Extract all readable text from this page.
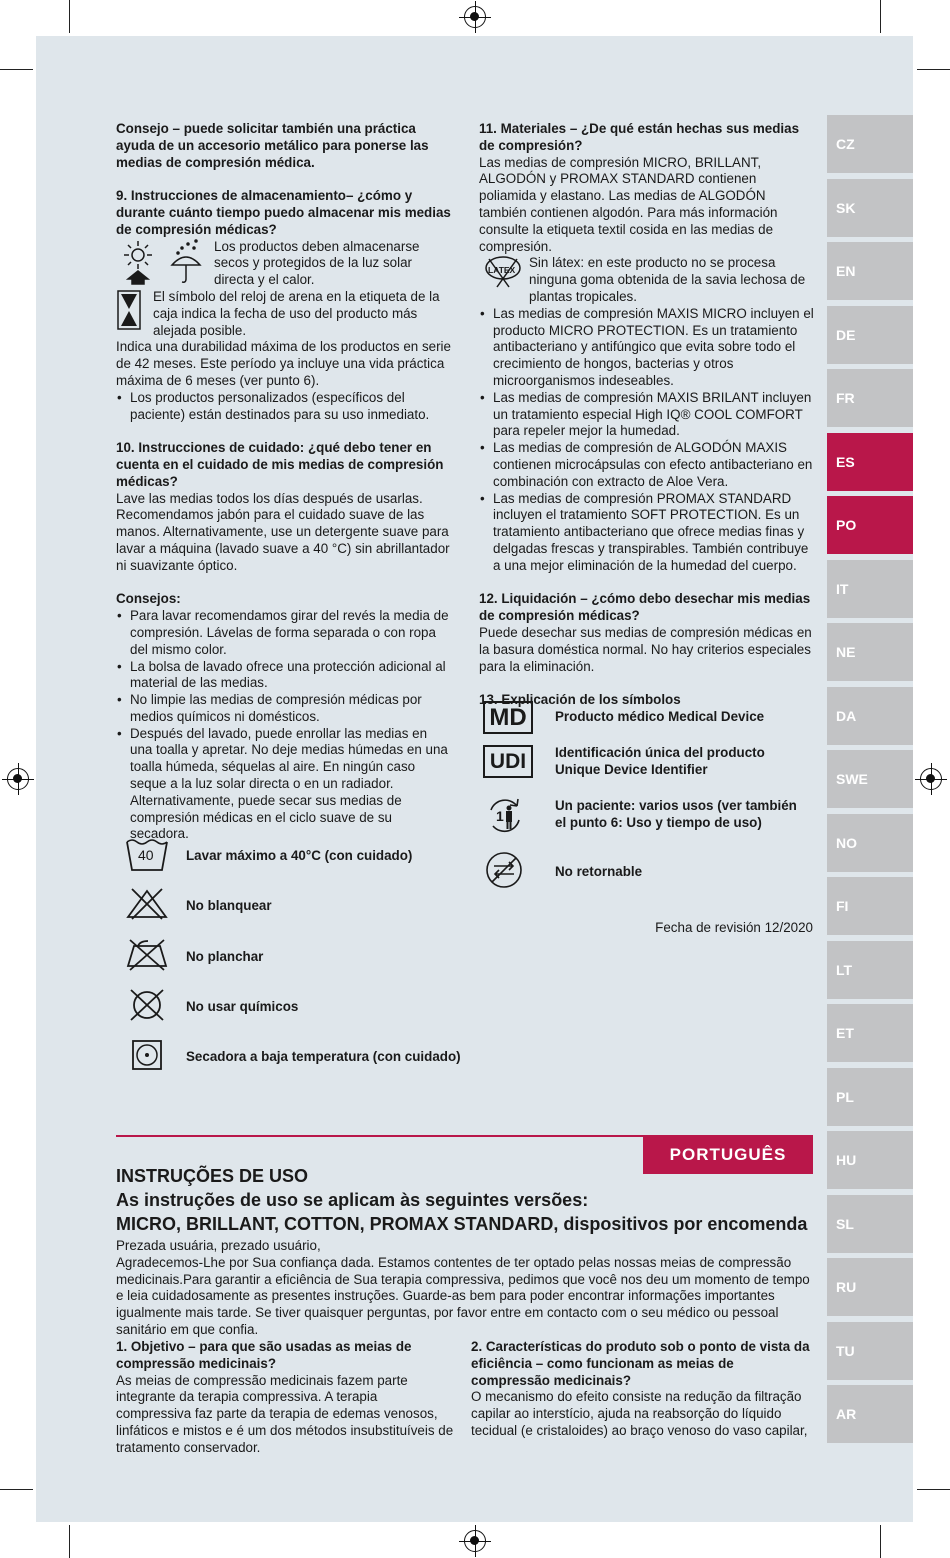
CZ
SK
EN
DE
FR
ES
PO
IT
NE
DA
SWE
NO
FI
LT
ET
PL
HU
SL
RU
TU
AR

Consejo – puede solicitar también una práctica ayuda de un accesorio metálico para ponerse las medias de compresión médica.

9. Instrucciones de almacenamiento– ¿cómo y durante cuánto tiempo puedo almacenar mis medias de compresión médicas?

Los productos deben almacenarse secos y protegidos de la luz solar directa y el calor.

El símbolo del reloj de arena en la etiqueta de la caja indica la fecha de uso del producto más alejada posible.

Indica una durabilidad máxima de los productos en serie de 42 meses. Este período ya incluye una vida práctica máxima de 6 meses (ver punto 6).

• Los productos personalizados (específicos del paciente) están destinados para su uso inmediato.

10. Instrucciones de cuidado: ¿qué debo tener en cuenta en el cuidado de mis medias de compresión médicas?

Lave las medias todos los días después de usarlas. Recomendamos jabón para el cuidado suave de las manos. Alternativamente, use un detergente suave para lavar a máquina (lavado suave a 40 °C) sin abrillantador ni suavizante óptico.

Consejos:

• Para lavar recomendamos girar del revés la media de compresión. Lávelas de forma separada o con ropa del mismo color.
• La bolsa de lavado ofrece una protección adicional al material de las medias.
• No limpie las medias de compresión médicas por medios químicos ni domésticos.
• Después del lavado, puede enrollar las medias en una toalla y apretar. No deje medias húmedas en una toalla húmeda, séquelas al aire. En ningún caso seque a la luz solar directa o en un radiador. Alternativamente, puede secar sus medias de compresión médicas en el ciclo suave de su secadora.
40 Lavar máximo a 40°C (con cuidado)
No blanquear
No planchar
No usar químicos
Secadora a baja temperatura (con cuidado)

11. Materiales – ¿De qué están hechas sus medias de compresión?

Las medias de compresión MICRO, BRILLANT, ALGODÓN y PROMAX STANDARD contienen poliamida y elastano. Las medias de ALGODÓN también contienen algodón. Para más información consulte la etiqueta textil cosida en las medias de compresión.

LATEX Sin látex: en este producto no se procesa ninguna goma obtenida de la savia lechosa de plantas tropicales.

• Las medias de compresión MAXIS MICRO incluyen el producto MICRO PROTECTION. Es un tratamiento antibacteriano y antifúngico que evita sobre todo el crecimiento de hongos, bacterias y otros microorganismos indeseables.
• Las medias de compresión MAXIS BRILANT incluyen un tratamiento especial High IQ® COOL COMFORT para repeler mejor la humedad.
• Las medias de compresión de ALGODÓN MAXIS contienen microcápsulas con efecto antibacteriano en combinación con extracto de Aloe Vera.
• Las medias de compresión PROMAX STANDARD incluyen el tratamiento SOFT PROTECTION. Es un tratamiento antibacteriano que ofrece medias finas y delgadas frescas y transpirables. También contribuye a una mejor eliminación de la humedad del cuerpo.

12. Liquidación – ¿cómo debo desechar mis medias de compresión médicas?

Puede desechar sus medias de compresión médicas en la basura doméstica normal. No hay criterios especiales para la eliminación.

13. Explicación de los símbolos

MD	Producto médico Medical Device
UDI	Identificación única del producto
Unique Device Identifier
1
Un paciente: varios usos (ver también
el punto 6: Uso y tiempo de uso)
No retornable
Fecha de revisión 12/2020
PORTUGUÊS
INSTRUÇÕES DE USO
As instruções de uso se aplicam às seguintes versões:
MICRO, BRILLANT, COTTON, PROMAX STANDARD, dispositivos por encomenda

Prezada usuária, prezado usuário,

Agradecemos-Lhe por Sua confiança dada. Estamos contentes de ter optado pelas nossas meias de compressão medicinais.Para garantir a eficiência de Sua terapia compressiva, pedimos que você nos deu um momento de tempo e leia cuidadosamente as presentes instruções. Guarde-as bem para poder encontrar informações importantes igualmente mais tarde. Se tiver quaisquer perguntas, por favor entre em contacto com o seu médico ou pessoal sanitário em que confia.

1. Objetivo – para que são usadas as meias de compressão medicinais?

As meias de compressão medicinais fazem parte integrante da terapia compressiva. A terapia compressiva faz parte da terapia de edemas venosos, linfáticos e mistos e é um dos métodos insubstituíveis de tratamento conservador.

2. Características do produto sob o ponto de vista da eficiência – como funcionam as meias de compressão medicinais?

O mecanismo do efeito consiste na redução da filtração capilar ao interstício, ajuda na reabsorção do líquido tecidual (e cristaloides) ao braço venoso do vaso capilar,
